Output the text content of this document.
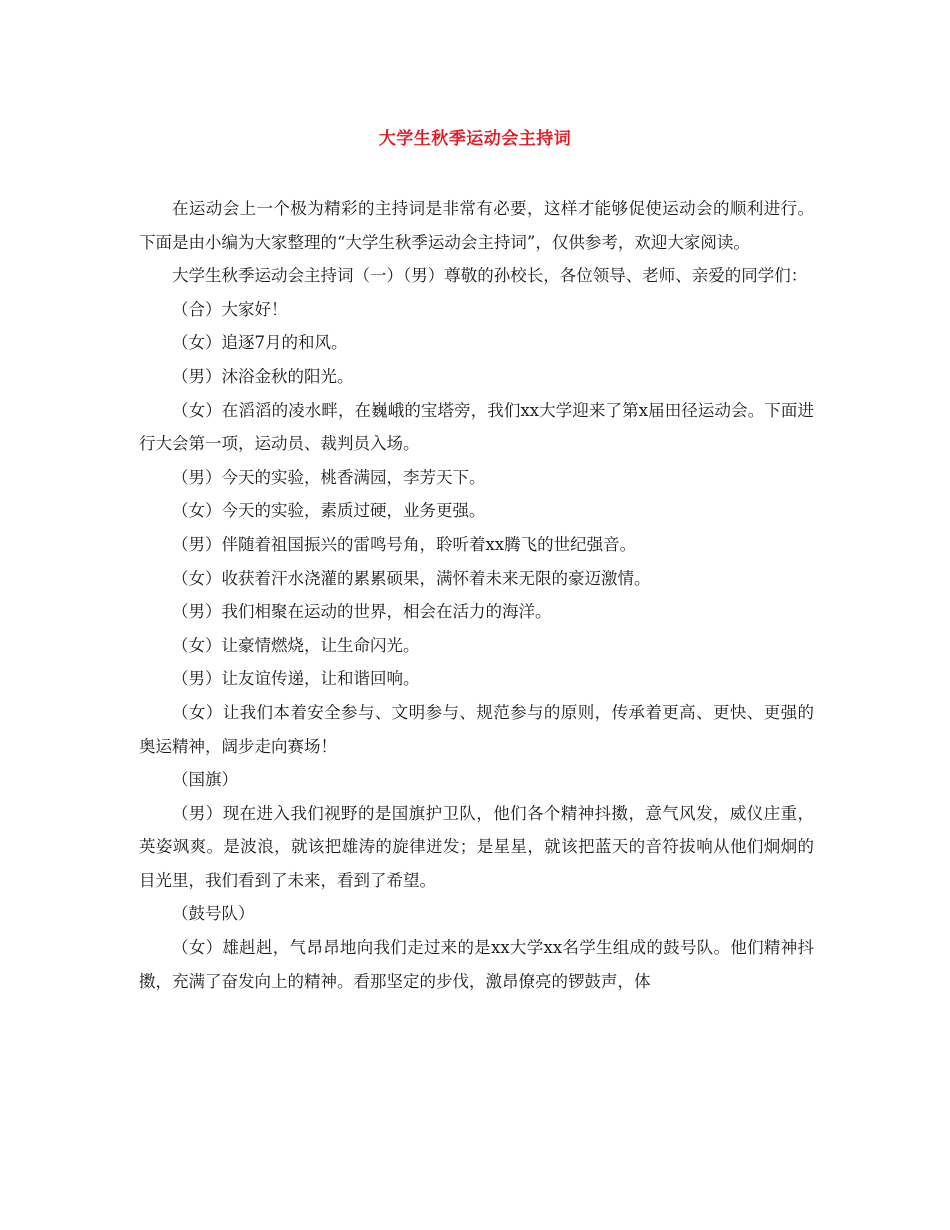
大学生秋季运动会主持词

在运动会上一个极为精彩的主持词是非常有必要，这样才能够促使运动会的顺利进行。下面是由小编为大家整理的“大学生秋季运动会主持词”，仅供参考，欢迎大家阅读。

大学生秋季运动会主持词（一）（男）尊敬的孙校长，各位领导、老师、亲爱的同学们：

（合）大家好！

（女）追逐7月的和风。

（男）沐浴金秋的阳光。

（女）在滔滔的凌水畔，在巍峨的宝塔旁，我们xx大学迎来了第x届田径运动会。下面进行大会第一项，运动员、裁判员入场。

（男）今天的实验，桃香满园，李芳天下。

（女）今天的实验，素质过硬，业务更强。

（男）伴随着祖国振兴的雷鸣号角，聆听着xx腾飞的世纪强音。

（女）收获着汗水浇灌的累累硕果，满怀着未来无限的豪迈激情。

（男）我们相聚在运动的世界，相会在活力的海洋。

（女）让豪情燃烧，让生命闪光。

（男）让友谊传递，让和谐回响。

（女）让我们本着安全参与、文明参与、规范参与的原则，传承着更高、更快、更强的奥运精神，阔步走向赛场！

（国旗）

（男）现在进入我们视野的是国旗护卫队，他们各个精神抖擞，意气风发，威仪庄重，英姿飒爽。是波浪，就该把雄涛的旋律迸发；是星星，就该把蓝天的音符拔响从他们炯炯的目光里，我们看到了未来，看到了希望。

（鼓号队）

（女）雄赳赳，气昂昂地向我们走过来的是xx大学xx名学生组成的鼓号队。他们精神抖擞，充满了奋发向上的精神。看那坚定的步伐，激昂僚亮的锣鼓声，体
